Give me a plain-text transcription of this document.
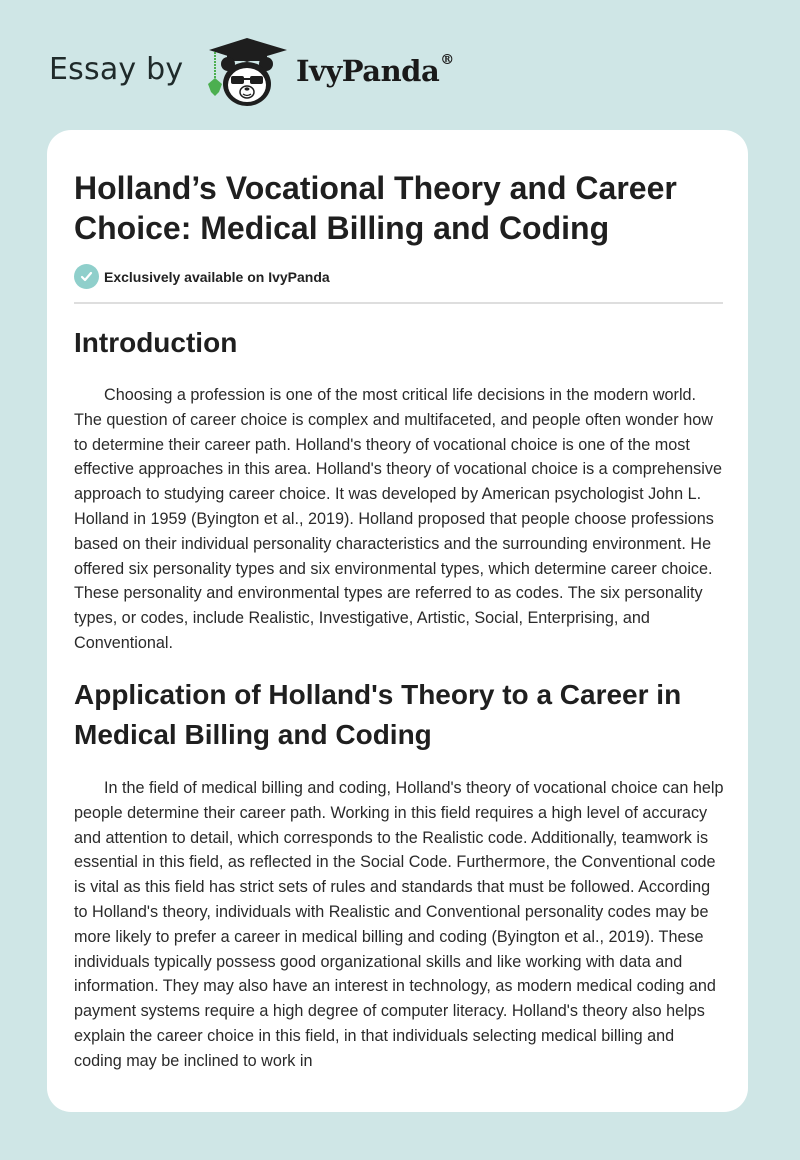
Essay by	IvyPanda®
Holland’s Vocational Theory and Career Choice: Medical Billing and Coding
Exclusively available on IvyPanda
Introduction

Choosing a profession is one of the most critical life decisions in the modern world. The question of career choice is complex and multifaceted, and people often wonder how to determine their career path. Holland's theory of vocational choice is one of the most effective approaches in this area. Holland's theory of vocational choice is a comprehensive approach to studying career choice. It was developed by American psychologist John L. Holland in 1959 (Byington et al., 2019). Holland proposed that people choose professions based on their individual personality characteristics and the surrounding environment. He offered six personality types and six environmental types, which determine career choice. These personality and environmental types are referred to as codes. The six personality types, or codes, include Realistic, Investigative, Artistic, Social, Enterprising, and Conventional.

Application of Holland's Theory to a Career in Medical Billing and Coding

In the field of medical billing and coding, Holland's theory of vocational choice can help people determine their career path. Working in this field requires a high level of accuracy and attention to detail, which corresponds to the Realistic code. Additionally, teamwork is essential in this field, as reflected in the Social Code. Furthermore, the Conventional code is vital as this field has strict sets of rules and standards that must be followed. According to Holland's theory, individuals with Realistic and Conventional personality codes may be more likely to prefer a career in medical billing and coding (Byington et al., 2019). These individuals typically possess good organizational skills and like working with data and information. They may also have an interest in technology, as modern medical coding and payment systems require a high degree of computer literacy. Holland's theory also helps explain the career choice in this field, in that individuals selecting medical billing and coding may be inclined to work in
